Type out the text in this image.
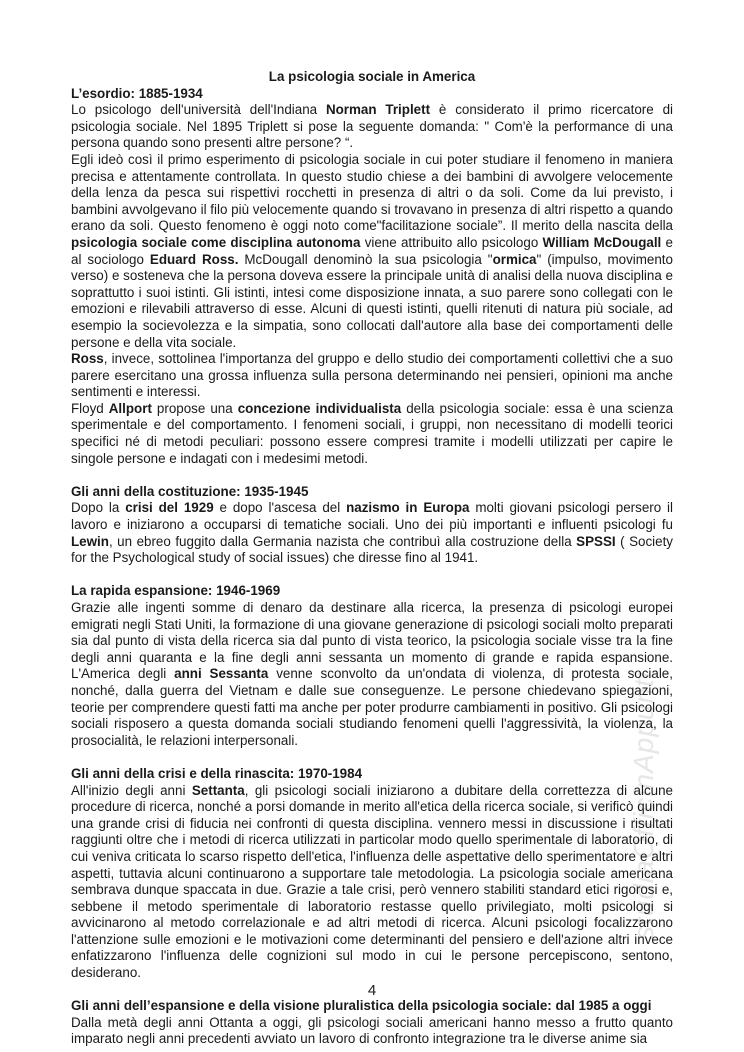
studiaOfficinAppunti
La psicologia sociale in America
L’esordio: 1885-1934

Lo psicologo dell'università dell'Indiana Norman Triplett è considerato il primo ricercatore di psicologia sociale. Nel 1895 Triplett si pose la seguente domanda: " Com'è la performance di una persona quando sono presenti altre persone? “.

Egli ideò così il primo esperimento di psicologia sociale in cui poter studiare il fenomeno in maniera precisa e attentamente controllata. In questo studio chiese a dei bambini di avvolgere velocemente della lenza da pesca sui rispettivi rocchetti in presenza di altri o da soli. Come da lui previsto, i bambini avvolgevano il filo più velocemente quando si trovavano in presenza di altri rispetto a quando erano da soli. Questo fenomeno è oggi noto come"facilitazione sociale”. Il merito della nascita della psicologia sociale come disciplina autonoma viene attribuito allo psicologo William McDougall e al sociologo Eduard Ross. McDougall denominò la sua psicologia "ormica" (impulso, movimento verso) e sosteneva che la persona doveva essere la principale unità di analisi della nuova disciplina e soprattutto i suoi istinti. Gli istinti, intesi come disposizione innata, a suo parere sono collegati con le emozioni e rilevabili attraverso di esse. Alcuni di questi istinti, quelli ritenuti di natura più sociale, ad esempio la socievolezza e la simpatia, sono collocati dall'autore alla base dei comportamenti delle persone e della vita sociale.

Ross, invece, sottolinea l'importanza del gruppo e dello studio dei comportamenti collettivi che a suo parere esercitano una grossa influenza sulla persona determinando nei pensieri, opinioni ma anche sentimenti e interessi.

Floyd Allport propose una concezione individualista della psicologia sociale: essa è una scienza sperimentale e del comportamento. I fenomeni sociali, i gruppi, non necessitano di modelli teorici specifici né di metodi peculiari: possono essere compresi tramite i modelli utilizzati per capire le singole persone e indagati con i medesimi metodi.

Gli anni della costituzione: 1935-1945

Dopo la crisi del 1929 e dopo l'ascesa del nazismo in Europa molti giovani psicologi persero il lavoro e iniziarono a occuparsi di tematiche sociali. Uno dei più importanti e influenti psicologi fu Lewin, un ebreo fuggito dalla Germania nazista che contribuì alla costruzione della SPSSI ( Society for the Psychological study of social issues) che diresse fino al 1941.

La rapida espansione: 1946-1969

Grazie alle ingenti somme di denaro da destinare alla ricerca, la presenza di psicologi europei emigrati negli Stati Uniti, la formazione di una giovane generazione di psicologi sociali molto preparati sia dal punto di vista della ricerca sia dal punto di vista teorico, la psicologia sociale visse tra la fine degli anni quaranta e la fine degli anni sessanta un momento di grande e rapida espansione. L'America degli anni Sessanta venne sconvolto da un'ondata di violenza, di protesta sociale, nonché, dalla guerra del Vietnam e dalle sue conseguenze. Le persone chiedevano spiegazioni, teorie per comprendere questi fatti ma anche per poter produrre cambiamenti in positivo. Gli psicologi sociali risposero a questa domanda sociali studiando fenomeni quelli l'aggressività, la violenza, la prosocialità, le relazioni interpersonali.

Gli anni della crisi e della rinascita: 1970-1984

All'inizio degli anni Settanta, gli psicologi sociali iniziarono a dubitare della correttezza di alcune procedure di ricerca, nonché a porsi domande in merito all'etica della ricerca sociale, si verificò quindi una grande crisi di fiducia nei confronti di questa disciplina. vennero messi in discussione i risultati raggiunti oltre che i metodi di ricerca utilizzati in particolar modo quello sperimentale di laboratorio, di cui veniva criticata lo scarso rispetto dell'etica, l'influenza delle aspettative dello sperimentatore e altri aspetti, tuttavia alcuni continuarono a supportare tale metodologia. La psicologia sociale americana sembrava dunque spaccata in due. Grazie a tale crisi, però vennero stabiliti standard etici rigorosi e, sebbene il metodo sperimentale di laboratorio restasse quello privilegiato, molti psicologi si avvicinarono al metodo correlazionale e ad altri metodi di ricerca. Alcuni psicologi focalizzarono l'attenzione sulle emozioni e le motivazioni come determinanti del pensiero e dell'azione altri invece enfatizzarono l'influenza delle cognizioni sul modo in cui le persone percepiscono, sentono, desiderano.

Gli anni dell’espansione e della visione pluralistica della psicologia sociale: dal 1985 a oggi

Dalla metà degli anni Ottanta a oggi, gli psicologi sociali americani hanno messo a frutto quanto imparato negli anni precedenti avviato un lavoro di confronto integrazione tra le diverse anime sia

4
